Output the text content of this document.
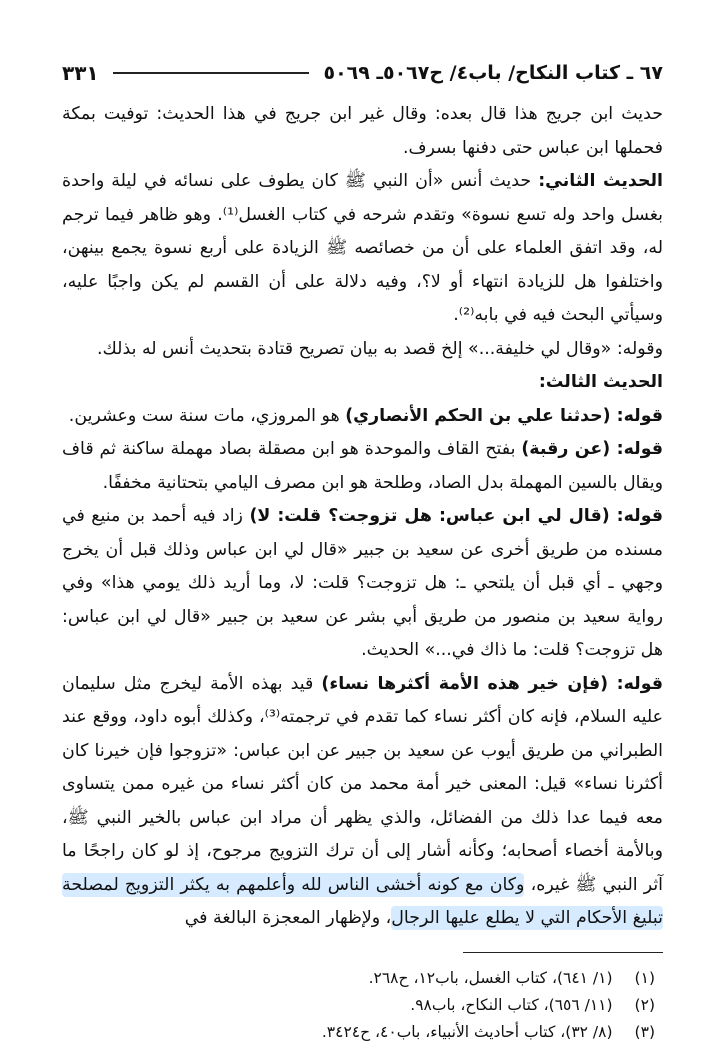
٦٧ ـ كتاب النكاح/ باب٤/ ح٥٠٦٧ـ ٥٠٦٩
٣٣١

حديث ابن جريج هذا قال بعده: وقال غير ابن جريج في هذا الحديث: توفيت بمكة فحملها ابن عباس حتى دفنها بسرف.

الحديث الثاني: حديث أنس «أن النبي ﷺ كان يطوف على نسائه في ليلة واحدة بغسل واحد وله تسع نسوة» وتقدم شرحه في كتاب الغسل⁽¹⁾. وهو ظاهر فيما ترجم له، وقد اتفق العلماء على أن من خصائصه ﷺ الزيادة على أربع نسوة يجمع بينهن، واختلفوا هل للزيادة انتهاء أو لا؟، وفيه دلالة على أن القسم لم يكن واجبًا عليه، وسيأتي البحث فيه في بابه⁽²⁾.

وقوله: «وقال لي خليفة...» إلخ قصد به بيان تصريح قتادة بتحديث أنس له بذلك.

الحديث الثالث:

قوله: (حدثنا علي بن الحكم الأنصاري) هو المروزي، مات سنة ست وعشرين.

قوله: (عن رقبة) بفتح القاف والموحدة هو ابن مصقلة بصاد مهملة ساكنة ثم قاف ويقال بالسين المهملة بدل الصاد، وطلحة هو ابن مصرف اليامي بتحتانية مخففًا.

قوله: (قال لي ابن عباس: هل تزوجت؟ قلت: لا) زاد فيه أحمد بن منيع في مسنده من طريق أخرى عن سعيد بن جبير «قال لي ابن عباس وذلك قبل أن يخرج وجهي ـ أي قبل أن يلتحي ـ: هل تزوجت؟ قلت: لا، وما أريد ذلك يومي هذا» وفي رواية سعيد بن منصور من طريق أبي بشر عن سعيد بن جبير «قال لي ابن عباس: هل تزوجت؟ قلت: ما ذاك في...» الحديث.

قوله: (فإن خير هذه الأمة أكثرها نساء) قيد بهذه الأمة ليخرج مثل سليمان عليه السلام، فإنه كان أكثر نساء كما تقدم في ترجمته⁽³⁾، وكذلك أبوه داود، ووقع عند الطبراني من طريق أيوب عن سعيد بن جبير عن ابن عباس: «تزوجوا فإن خيرنا كان أكثرنا نساء» قيل: المعنى خير أمة محمد من كان أكثر نساء من غيره ممن يتساوى معه فيما عدا ذلك من الفضائل، والذي يظهر أن مراد ابن عباس بالخير النبي ﷺ، وبالأمة أخصاء أصحابه؛ وكأنه أشار إلى أن ترك التزويج مرجوح، إذ لو كان راجحًا ما آثر النبي ﷺ غيره، وكان مع كونه أخشى الناس لله وأعلمهم به يكثر التزويج لمصلحة تبليغ الأحكام التي لا يطلع عليها الرجال، ولإظهار المعجزة البالغة في

(١)
(١/ ٦٤١)، كتاب الغسل، باب١٢، ح٢٦٨.
(٢)
(١١/ ٦٥٦)، كتاب النكاح، باب٩٨.
(٣)
(٨/ ٣٢)، كتاب أحاديث الأنبياء، باب٤٠، ح٣٤٢٤.
